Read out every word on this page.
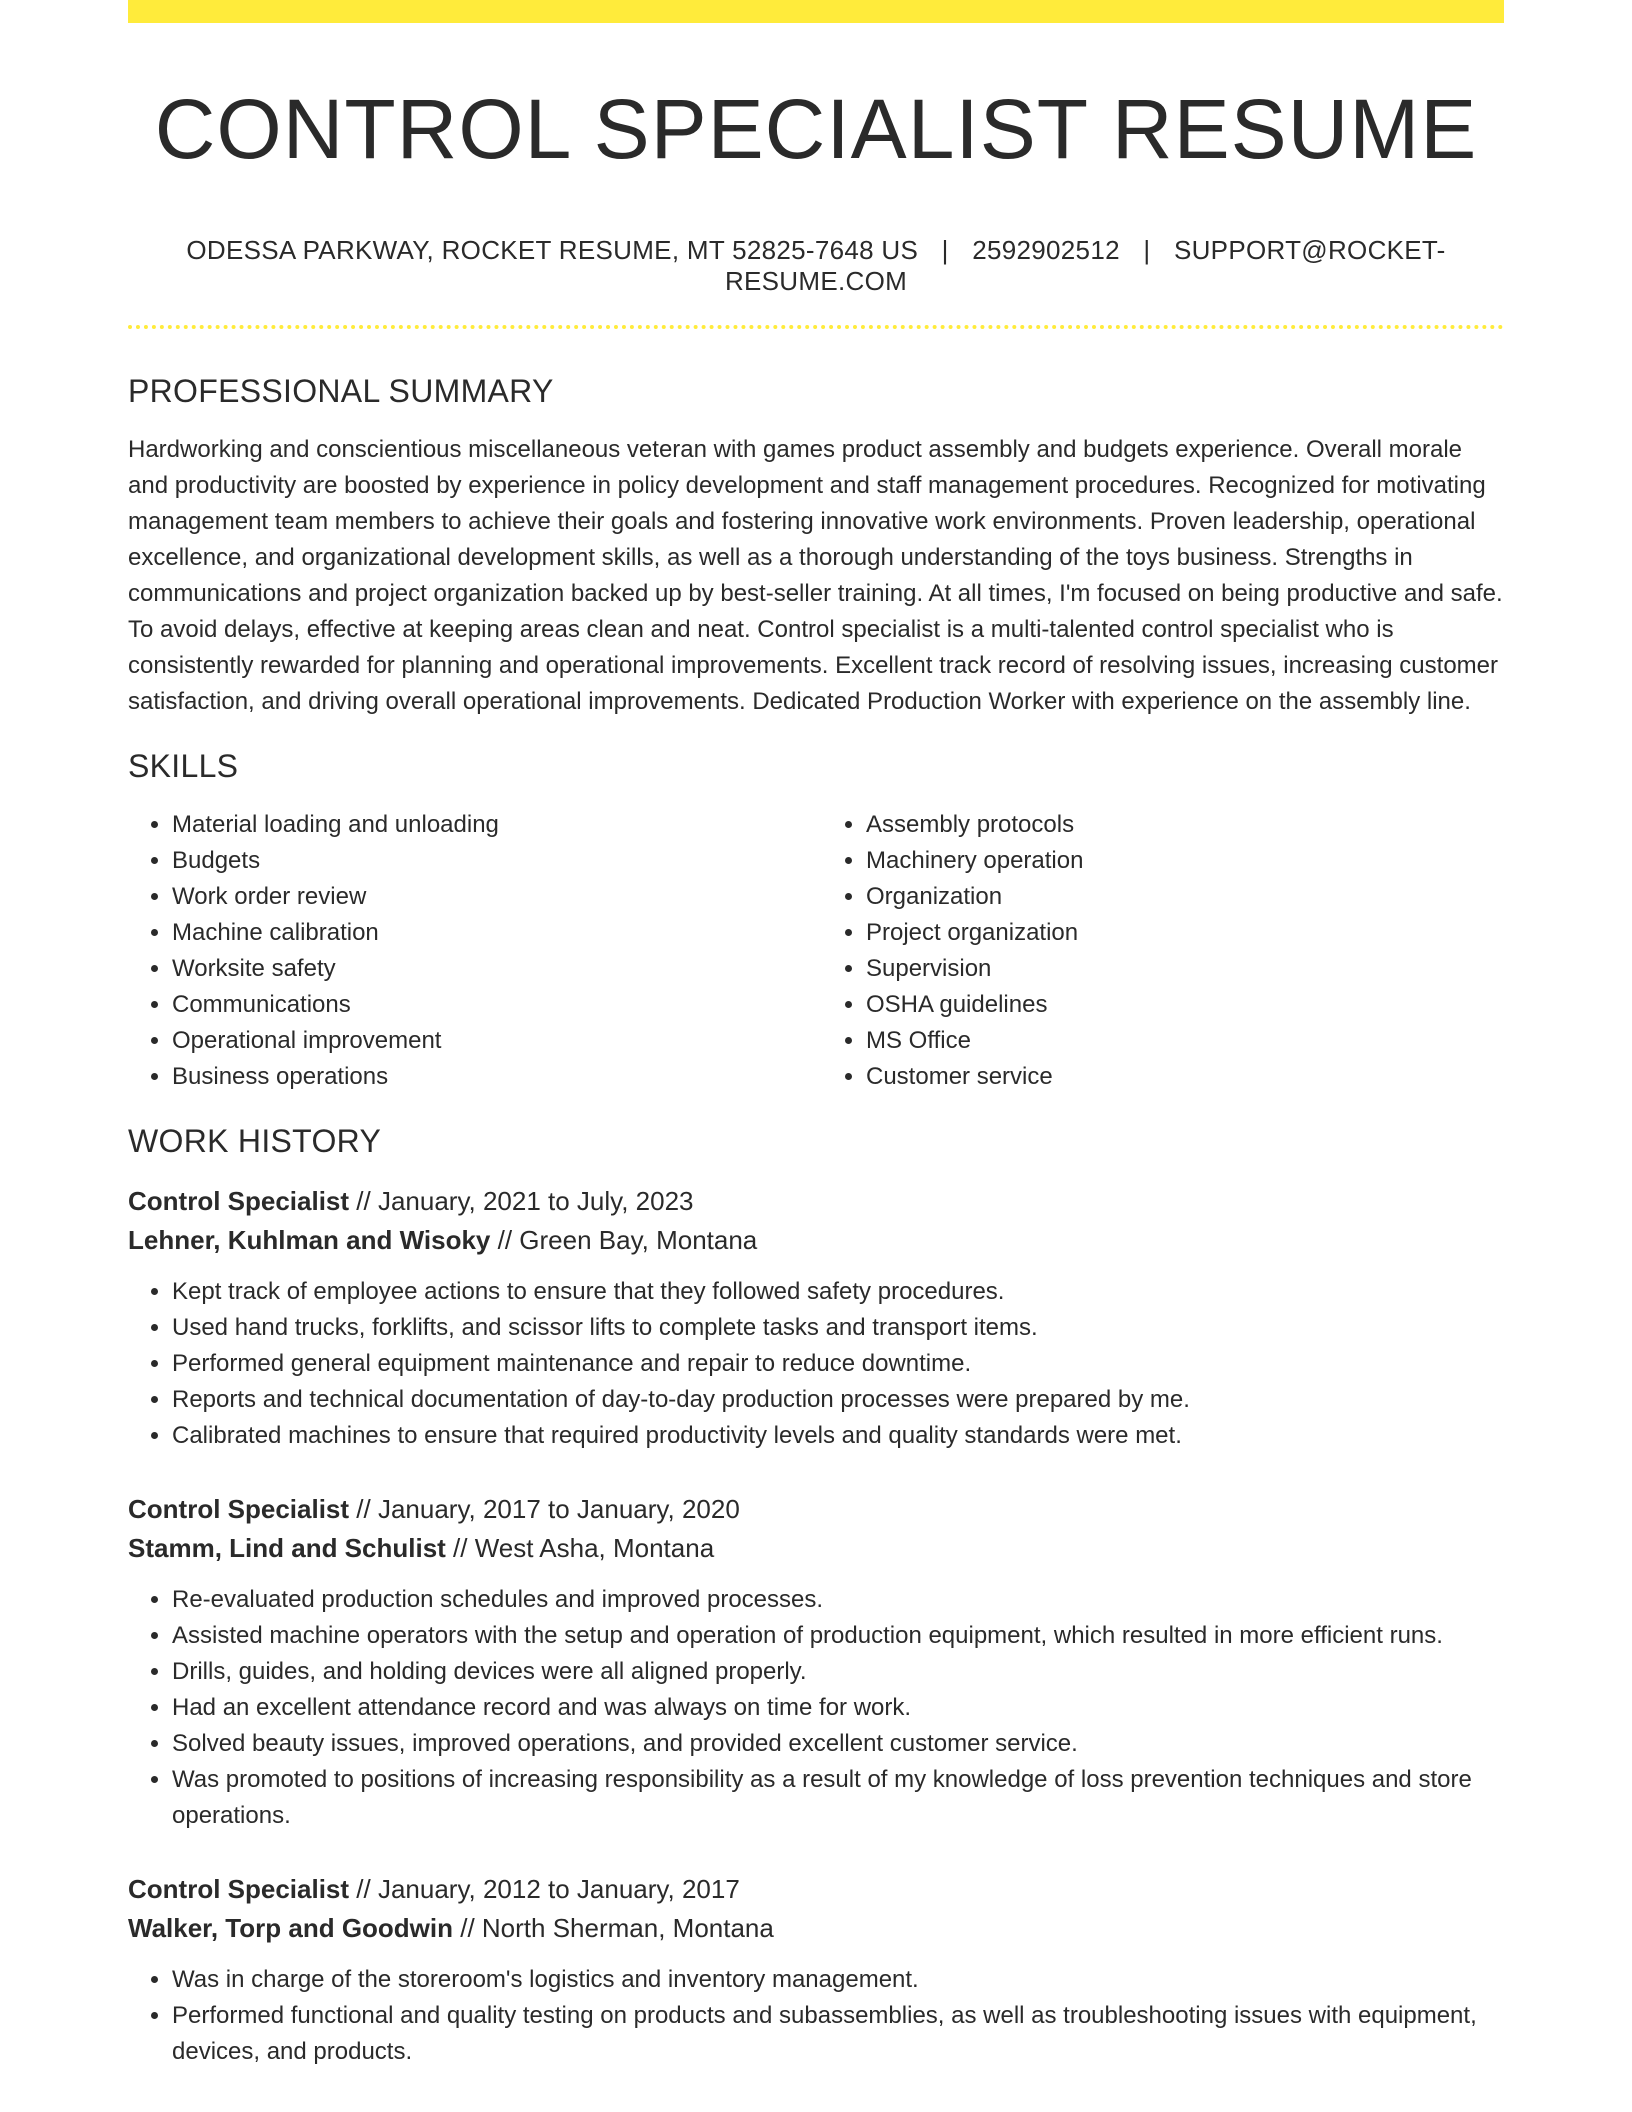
CONTROL SPECIALIST RESUME
ODESSA PARKWAY, ROCKET RESUME, MT 52825-7648 US | 2592902512 | SUPPORT@ROCKET-RESUME.COM
PROFESSIONAL SUMMARY

Hardworking and conscientious miscellaneous veteran with games product assembly and budgets experience. Overall morale and productivity are boosted by experience in policy development and staff management procedures. Recognized for motivating management team members to achieve their goals and fostering innovative work environments. Proven leadership, operational excellence, and organizational development skills, as well as a thorough understanding of the toys business. Strengths in communications and project organization backed up by best-seller training. At all times, I'm focused on being productive and safe. To avoid delays, effective at keeping areas clean and neat. Control specialist is a multi-talented control specialist who is consistently rewarded for planning and operational improvements. Excellent track record of resolving issues, increasing customer satisfaction, and driving overall operational improvements. Dedicated Production Worker with experience on the assembly line.

SKILLS
• Material loading and unloading
• Budgets
• Work order review
• Machine calibration
• Worksite safety
• Communications
• Operational improvement
• Business operations
• Assembly protocols
• Machinery operation
• Organization
• Project organization
• Supervision
• OSHA guidelines
• MS Office
• Customer service
WORK HISTORY
Control Specialist // January, 2021 to July, 2023
Lehner, Kuhlman and Wisoky // Green Bay, Montana
• Kept track of employee actions to ensure that they followed safety procedures.
• Used hand trucks, forklifts, and scissor lifts to complete tasks and transport items.
• Performed general equipment maintenance and repair to reduce downtime.
• Reports and technical documentation of day-to-day production processes were prepared by me.
• Calibrated machines to ensure that required productivity levels and quality standards were met.
Control Specialist // January, 2017 to January, 2020
Stamm, Lind and Schulist // West Asha, Montana
• Re-evaluated production schedules and improved processes.
• Assisted machine operators with the setup and operation of production equipment, which resulted in more efficient runs.
• Drills, guides, and holding devices were all aligned properly.
• Had an excellent attendance record and was always on time for work.
• Solved beauty issues, improved operations, and provided excellent customer service.
• Was promoted to positions of increasing responsibility as a result of my knowledge of loss prevention techniques and store operations.
Control Specialist // January, 2012 to January, 2017
Walker, Torp and Goodwin // North Sherman, Montana
• Was in charge of the storeroom's logistics and inventory management.
• Performed functional and quality testing on products and subassemblies, as well as troubleshooting issues with equipment, devices, and products.
